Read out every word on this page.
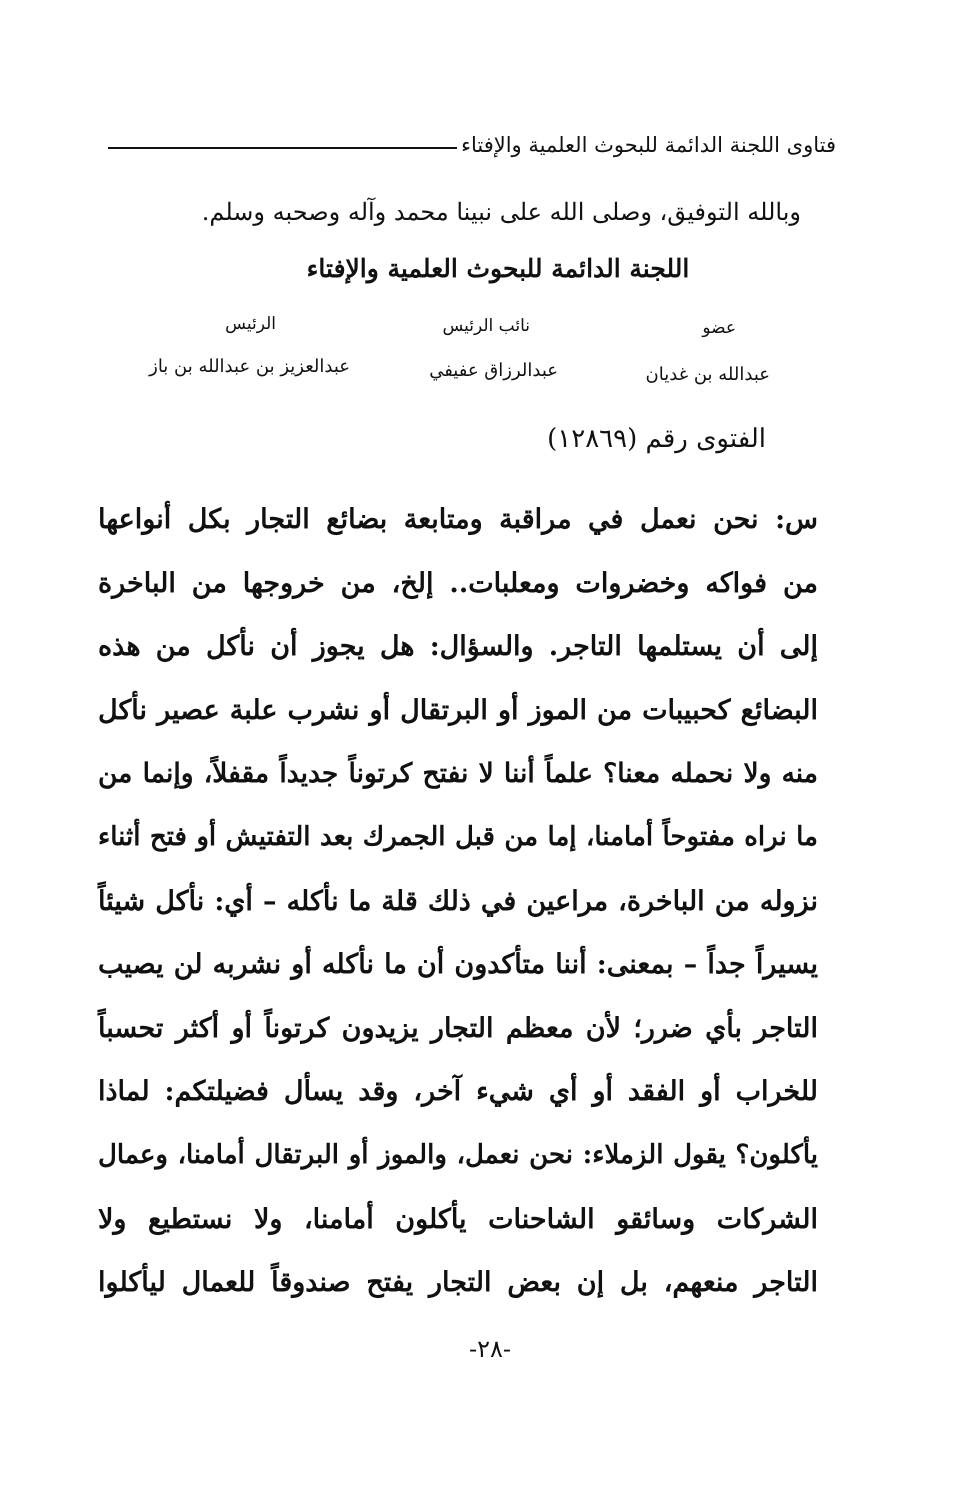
فتاوى اللجنة الدائمة للبحوث العلمية والإفتاء
وبالله التوفيق، وصلى الله على نبينا محمد وآله وصحبه وسلم.
اللجنة الدائمة للبحوث العلمية والإفتاء
عضو
عبدالله بن غديان
نائب الرئيس
عبدالرزاق عفيفي
الرئيس
عبدالعزيز بن عبدالله بن باز
الفتوى رقم (١٢٨٦٩)
س: نحن نعمل في مراقبة ومتابعة بضائع التجار بكل أنواعها
من فواكه وخضروات ومعلبات.. إلخ، من خروجها من الباخرة
إلى أن يستلمها التاجر. والسؤال: هل يجوز أن نأكل من هذه
البضائع كحبيبات من الموز أو البرتقال أو نشرب علبة عصير نأكل
منه ولا نحمله معنا؟ علماً أننا لا نفتح كرتوناً جديداً مقفلاً، وإنما من
ما نراه مفتوحاً أمامنا، إما من قبل الجمرك بعد التفتيش أو فتح أثناء
نزوله من الباخرة، مراعين في ذلك قلة ما نأكله – أي: نأكل شيئاً
يسيراً جداً – بمعنى: أننا متأكدون أن ما نأكله أو نشربه لن يصيب
التاجر بأي ضرر؛ لأن معظم التجار يزيدون كرتوناً أو أكثر تحسباً
للخراب أو الفقد أو أي شيء آخر، وقد يسأل فضيلتكم: لماذا
يأكلون؟ يقول الزملاء: نحن نعمل، والموز أو البرتقال أمامنا، وعمال
الشركات وسائقو الشاحنات يأكلون أمامنا، ولا نستطيع ولا
التاجر منعهم، بل إن بعض التجار يفتح صندوقاً للعمال ليأكلوا
-٢٨-
